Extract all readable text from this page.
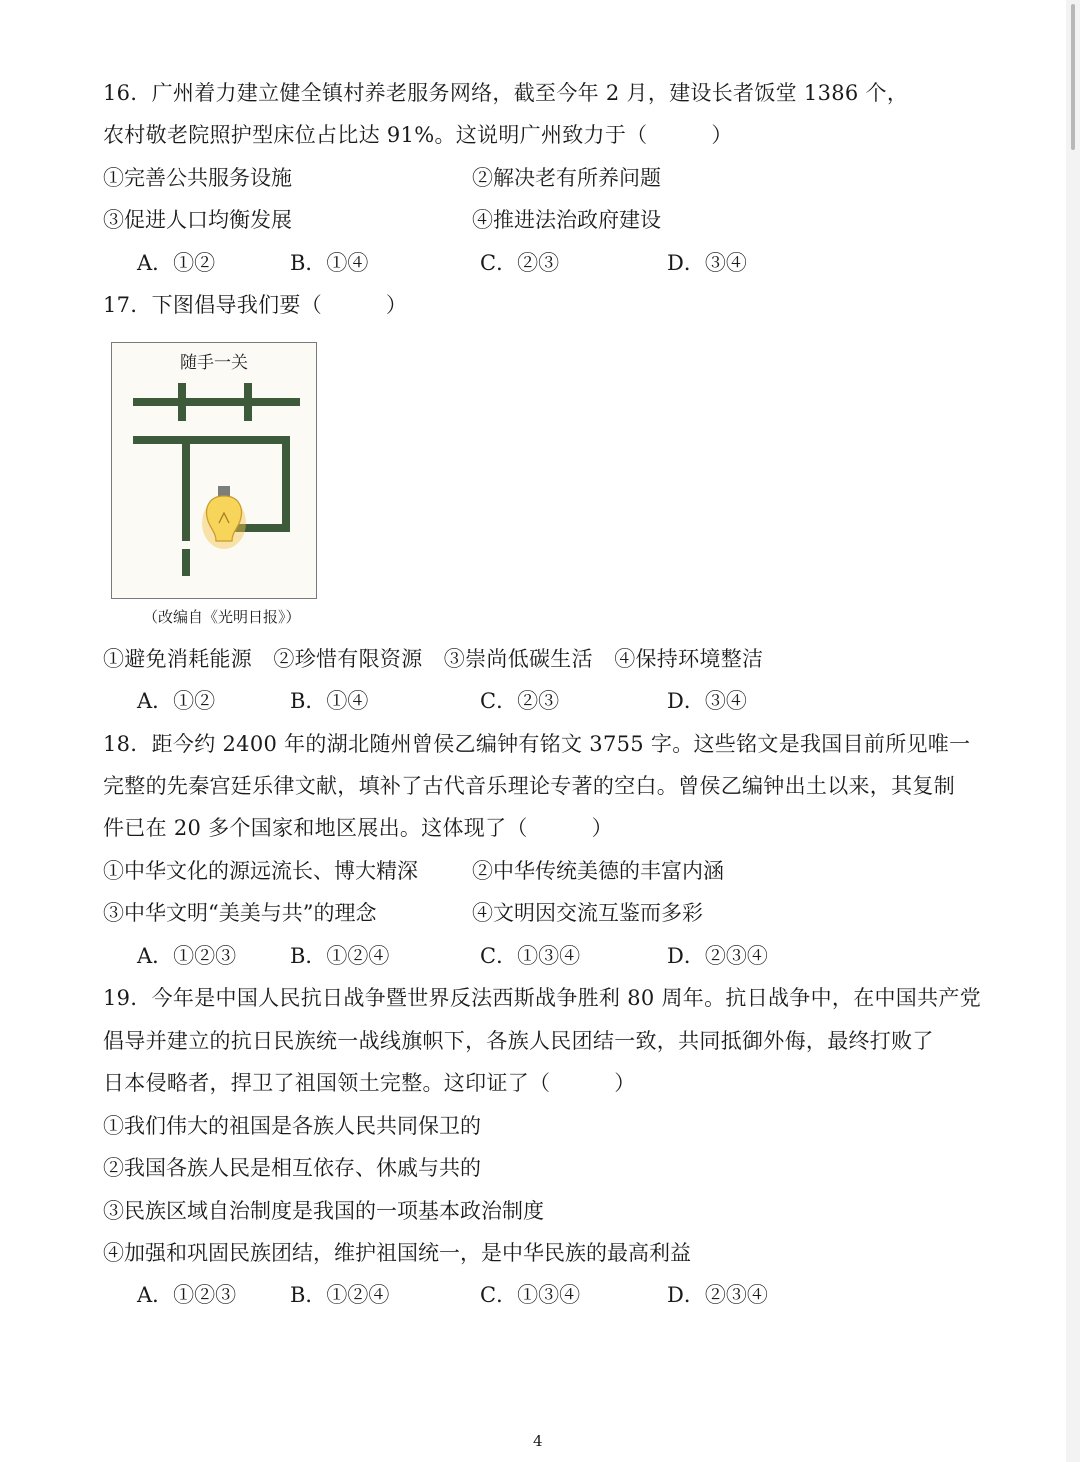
16．广州着力建立健全镇村养老服务网络，截至今年 2 月，建设长者饭堂 1386 个，
农村敬老院照护型床位占比达 91%。这说明广州致力于（　　　）
①完善公共服务设施	②解决老有所养问题
③促进人口均衡发展	④推进法治政府建设
A．①②	B．①④	C．②③	D．③④
17．下图倡导我们要（　　　）
随手一关
（改编自《光明日报》）
①避免消耗能源　②珍惜有限资源　③崇尚低碳生活　④保持环境整洁
A．①②	B．①④	C．②③	D．③④
18．距今约 2400 年的湖北随州曾侯乙编钟有铭文 3755 字。这些铭文是我国目前所见唯一
完整的先秦宫廷乐律文献，填补了古代音乐理论专著的空白。曾侯乙编钟出土以来，其复制
件已在 20 多个国家和地区展出。这体现了（　　　）
①中华文化的源远流长、博大精深	②中华传统美德的丰富内涵
③中华文明“美美与共”的理念	④文明因交流互鉴而多彩
A．①②③	B．①②④	C．①③④	D．②③④
19．今年是中国人民抗日战争暨世界反法西斯战争胜利 80 周年。抗日战争中，在中国共产党
倡导并建立的抗日民族统一战线旗帜下，各族人民团结一致，共同抵御外侮，最终打败了
日本侵略者，捍卫了祖国领土完整。这印证了（　　　）
①我们伟大的祖国是各族人民共同保卫的
②我国各族人民是相互依存、休戚与共的
③民族区域自治制度是我国的一项基本政治制度
④加强和巩固民族团结，维护祖国统一，是中华民族的最高利益
A．①②③	B．①②④	C．①③④	D．②③④
4
